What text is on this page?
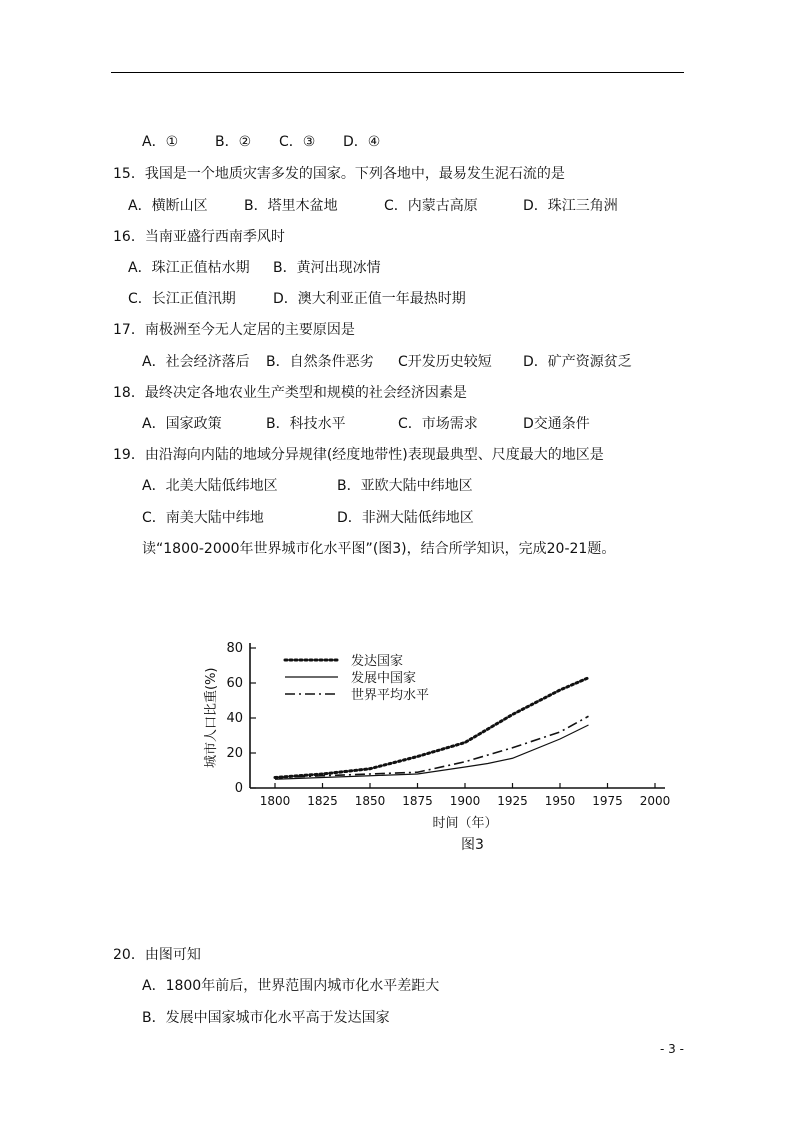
A．①	B．② C．③ D．④
15．我国是一个地质灾害多发的国家。下列各地中，最易发生泥石流的是
A．横断山区	B．塔里木盆地	C．内蒙古高原	D．珠江三角洲
16．当南亚盛行西南季风时
A．珠江正值枯水期 B．黄河出现冰情
C．长江正值汛期	D．澳大利亚正值一年最热时期
17．南极洲至今无人定居的主要原因是
A．社会经济落后 B．自然条件恶劣 C开发历史较短 D．矿产资源贫乏
18．最终决定各地农业生产类型和规模的社会经济因素是
A．国家政策	B．科技水平	C．市场需求	D交通条件
19．由沿海向内陆的地域分异规律(经度地带性)表现最典型、尺度最大的地区是
A．北美大陆低纬地区	B．亚欧大陆中纬地区
C．南美大陆中纬地	D．非洲大陆低纬地区
读“1800-2000年世界城市化水平图”(图3)，结合所学知识，完成20-21题。
0
20
40
60
80
1800 1825 1850 1875 1900 1925 1950 1975 2000
发达国家
发展中国家
世界平均水平
城市人口比重(%)
时间（年）
图3
20．由图可知
A．1800年前后，世界范围内城市化水平差距大
B．发展中国家城市化水平高于发达国家
- 3 -
